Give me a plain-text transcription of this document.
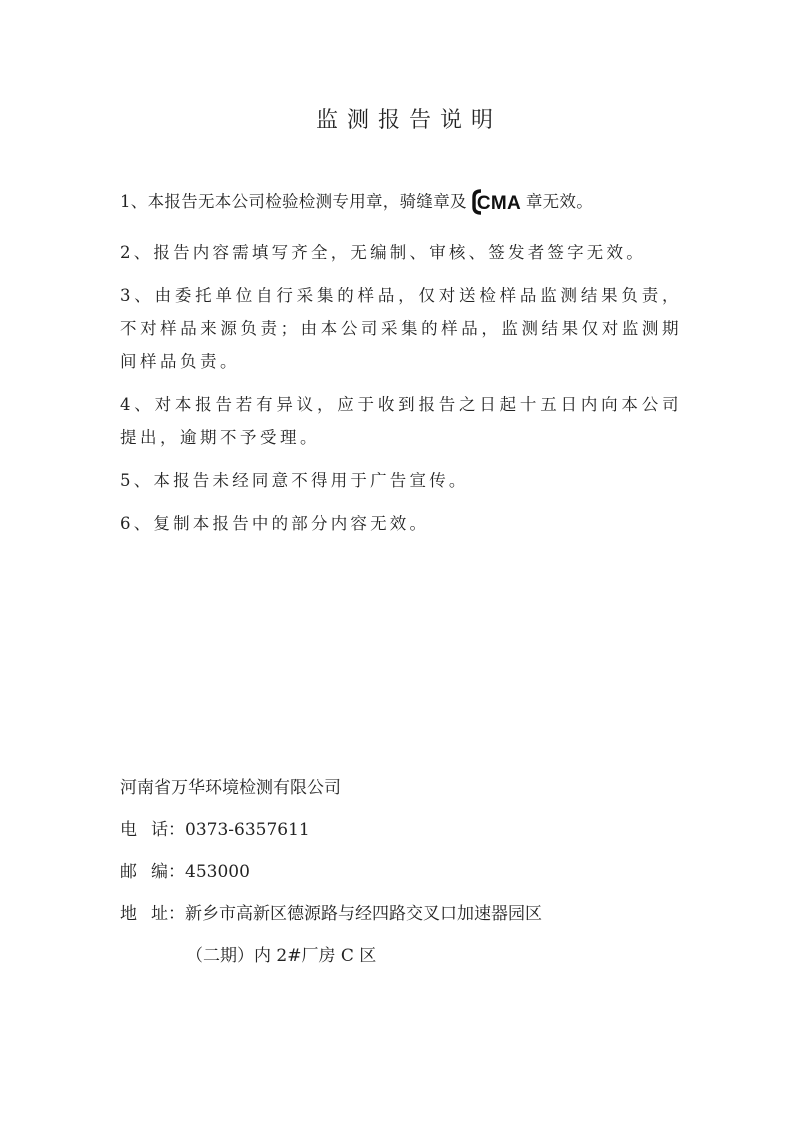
监测报告说明

1、本报告无本公司检验检测专用章，骑缝章及 CMA 章无效。

2、报告内容需填写齐全，无编制、审核、签发者签字无效。

3、由委托单位自行采集的样品，仅对送检样品监测结果负责，不对样品来源负责；由本公司采集的样品，监测结果仅对监测期间样品负责。

4、对本报告若有异议，应于收到报告之日起十五日内向本公司提出，逾期不予受理。

5、本报告未经同意不得用于广告宣传。

6、复制本报告中的部分内容无效。

河南省万华环境检测有限公司

电 话：0373-6357611

邮 编：453000

地 址：新乡市高新区德源路与经四路交叉口加速器园区

（二期）内 2#厂房 C 区
